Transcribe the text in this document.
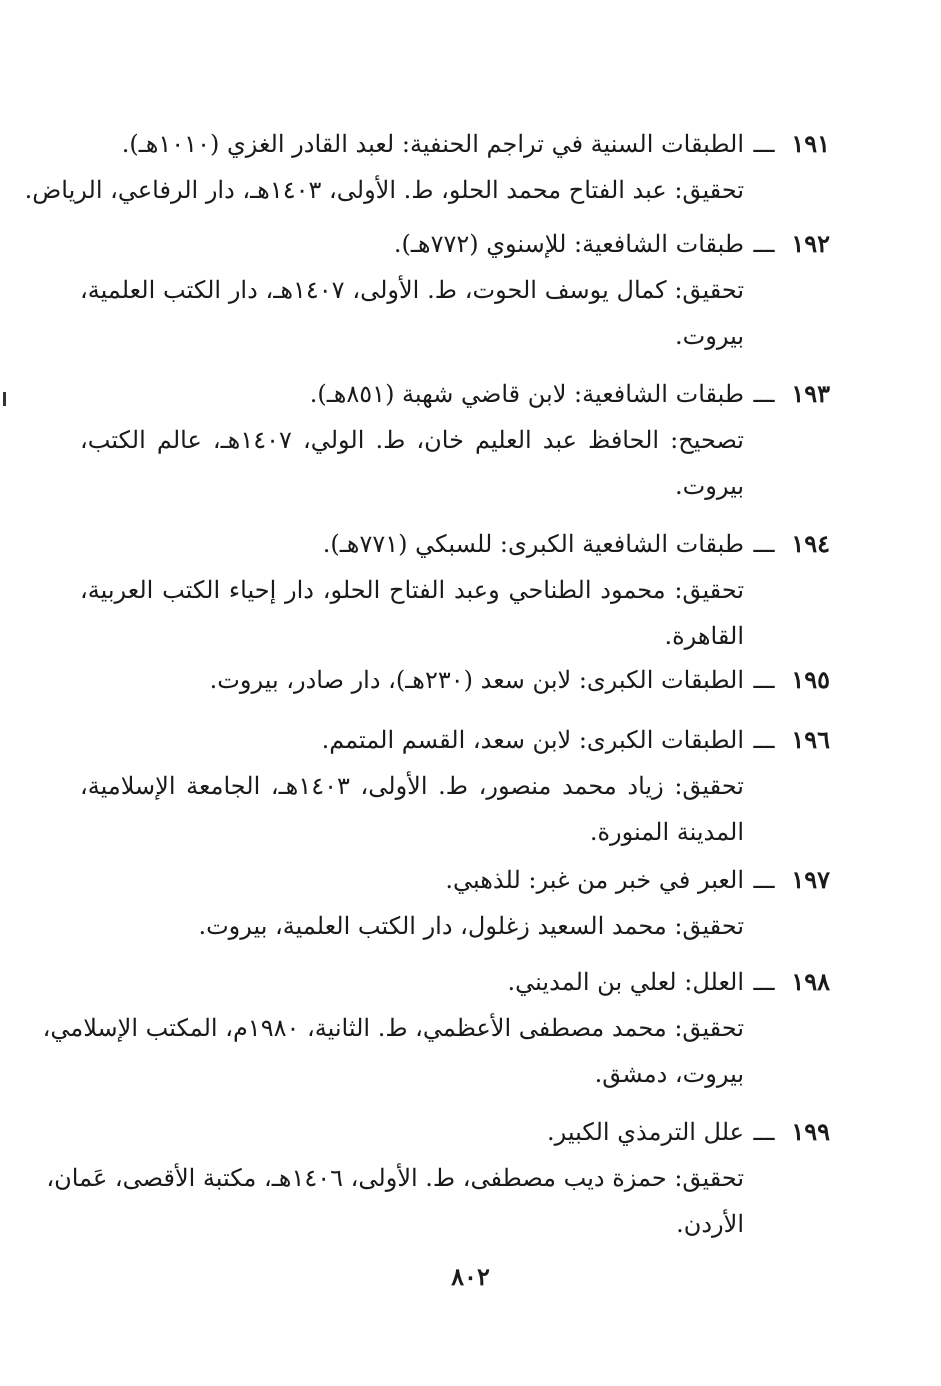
١٩١ـــالطبقات السنية في تراجم الحنفية: لعبد القادر الغزي (١٠١٠هـ).
تحقيق: عبد الفتاح محمد الحلو، ط. الأولى، ١٤٠٣هـ، دار الرفاعي، الرياض.
١٩٢ـــطبقات الشافعية: للإسنوي (٧٧٢هـ).
تحقيق: كمال يوسف الحوت، ط. الأولى، ١٤٠٧هـ، دار الكتب العلمية،
بيروت.
١٩٣ـــطبقات الشافعية: لابن قاضي شهبة (٨٥١هـ).
تصحيح: الحافظ عبد العليم خان، ط. الولي، ١٤٠٧هـ، عالم الكتب،
بيروت.
١٩٤ـــطبقات الشافعية الكبرى: للسبكي (٧٧١هـ).
تحقيق: محمود الطناحي وعبد الفتاح الحلو، دار إحياء الكتب العربية،
القاهرة.
١٩٥ـــالطبقات الكبرى: لابن سعد (٢٣٠هـ)، دار صادر، بيروت.
١٩٦ـــالطبقات الكبرى: لابن سعد، القسم المتمم.
تحقيق: زياد محمد منصور، ط. الأولى، ١٤٠٣هـ، الجامعة الإسلامية،
المدينة المنورة.
١٩٧ـــالعبر في خبر من غبر: للذهبي.
تحقيق: محمد السعيد زغلول، دار الكتب العلمية، بيروت.
١٩٨ـــالعلل: لعلي بن المديني.
تحقيق: محمد مصطفى الأعظمي، ط. الثانية، ١٩٨٠م، المكتب الإسلامي،
بيروت، دمشق.
١٩٩ـــعلل الترمذي الكبير.
تحقيق: حمزة ديب مصطفى، ط. الأولى، ١٤٠٦هـ، مكتبة الأقصى، عَمان،
الأردن.
٨٠٢
